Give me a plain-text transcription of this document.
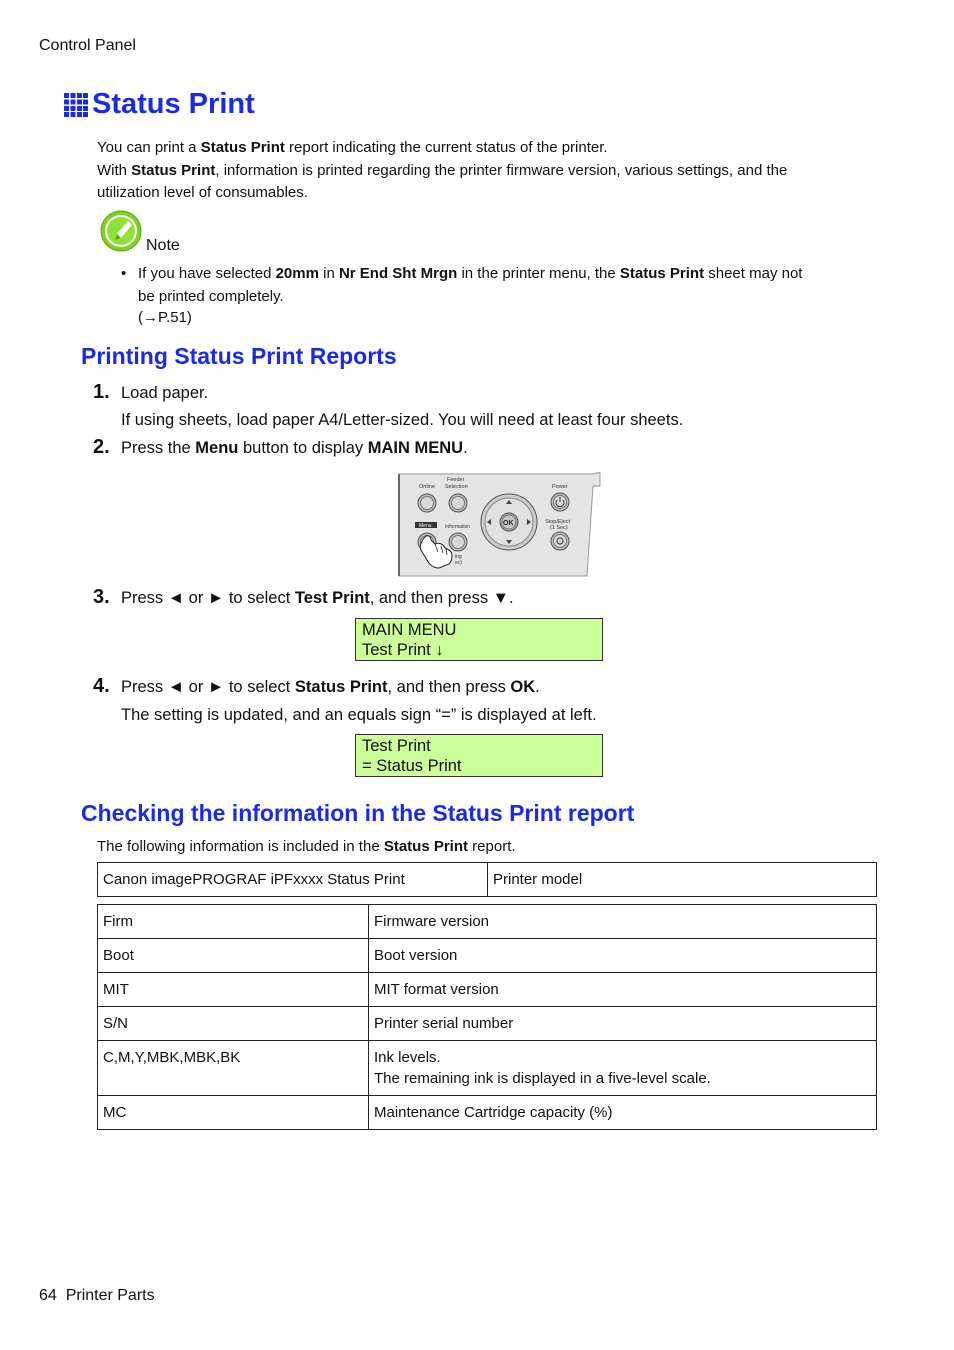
Control Panel
Status Print
You can print a Status Print report indicating the current status of the printer.
With Status Print, information is printed regarding the printer firmware version, various settings, and the
utilization level of consumables.
Note
• If you have selected 20mm in Nr End Sht Mrgn in the printer menu, the Status Print sheet may not
be printed completely.
(→P.51)
Printing Status Print Reports
1. Load paper.
If using sheets, load paper A4/Letter-sized. You will need at least four sheets.
2. Press the Menu button to display MAIN MENU.
Online
Feeder
Selection	Power
Menu	Information	OK	Stop/Eject
(1 Sec)
ing
ec)
3. Press ◄ or ► to select Test Print, and then press ▼.
MAIN MENU
Test Print ↓
4. Press ◄ or ► to select Status Print, and then press OK.
The setting is updated, and an equals sign “=” is displayed at left.
Test Print
= Status Print
Checking the information in the Status Print report
The following information is included in the Status Print report.
Canon imagePROGRAF iPFxxxx Status Print	Printer model
Firm	Firmware version
Boot	Boot version
MIT	MIT format version
S/N	Printer serial number
C,M,Y,MBK,MBK,BK	Ink levels.
The remaining ink is displayed in a five-level scale.

MC	Maintenance Cartridge capacity (%)
64 Printer Parts
